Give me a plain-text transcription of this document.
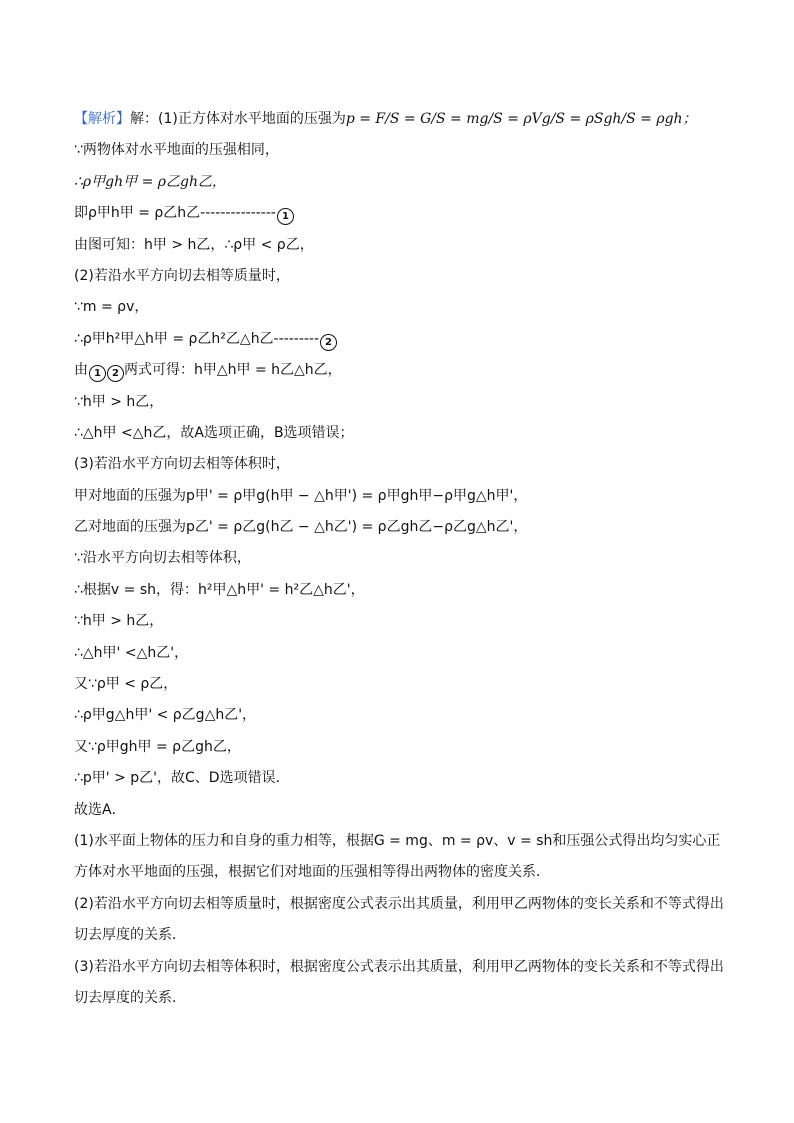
【解析】解：(1)正方体对水平地面的压强为p = F/S = G/S = mg/S = ρVg/S = ρSgh/S = ρgh；
∵两物体对水平地面的压强相同，
∴ρ甲gh甲 = ρ乙gh乙，
即ρ甲h甲 = ρ乙h乙--------------- 1
由图可知：h甲 > h乙，∴ρ甲 < ρ乙，
(2)若沿水平方向切去相等质量时，
∵m = ρv，
∴ρ甲h²甲△h甲 = ρ乙h²乙△h乙--------- 2
由 1 2 两式可得：h甲△h甲 = h乙△h乙，
∵h甲 > h乙，
∴△h甲 <△h乙，故A选项正确，B选项错误；
(3)若沿水平方向切去相等体积时，
甲对地面的压强为p甲' = ρ甲g(h甲 − △h甲') = ρ甲gh甲−ρ甲g△h甲'，
乙对地面的压强为p乙' = ρ乙g(h乙 − △h乙') = ρ乙gh乙−ρ乙g△h乙'，
∵沿水平方向切去相等体积，
∴根据v = sh，得：h²甲△h甲' = h²乙△h乙'，
∵h甲 > h乙，
∴△h甲' <△h乙'，
又∵ρ甲 < ρ乙，
∴ρ甲g△h甲' < ρ乙g△h乙'，
又∵ρ甲gh甲 = ρ乙gh乙，
∴p甲' > p乙'，故C、D选项错误．
故选A．
(1)水平面上物体的压力和自身的重力相等，根据G = mg、m = ρv、v = sh和压强公式得出均匀实心正方体对水平地面的压强，根据它们对地面的压强相等得出两物体的密度关系．
(2)若沿水平方向切去相等质量时，根据密度公式表示出其质量，利用甲乙两物体的变长关系和不等式得出切去厚度的关系．
(3)若沿水平方向切去相等体积时，根据密度公式表示出其质量，利用甲乙两物体的变长关系和不等式得出切去厚度的关系．
